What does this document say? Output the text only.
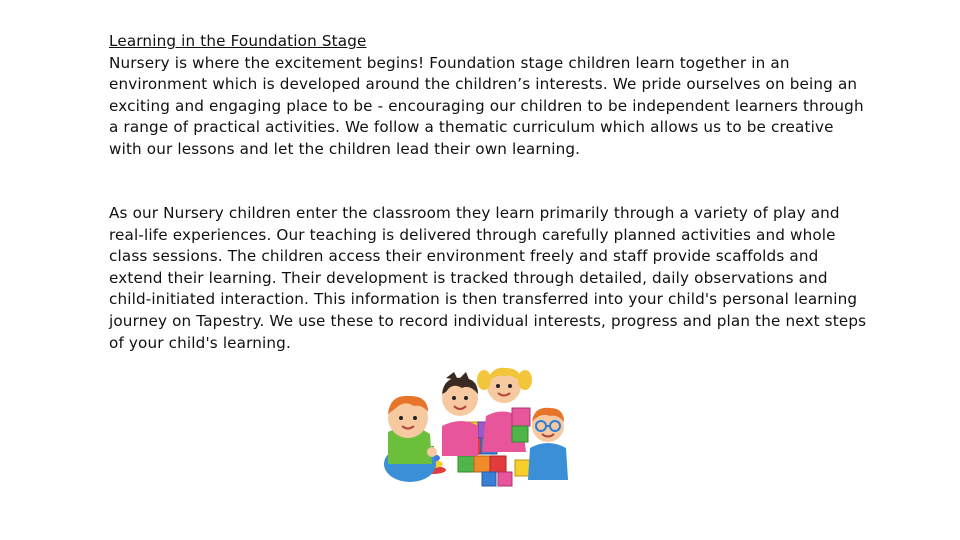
Learning in the Foundation Stage

Nursery is where the excitement begins! Foundation stage children learn together in an environment which is developed around the children’s interests. We pride ourselves on being an exciting and engaging place to be - encouraging our children to be independent learners through a range of practical activities. We follow a thematic curriculum which allows us to be creative with our lessons and let the children lead their own learning.

As our Nursery children enter the classroom they learn primarily through a variety of play and real-life experiences. Our teaching is delivered through carefully planned activities and whole class sessions. The children access their environment freely and staff provide scaffolds and extend their learning. Their development is tracked through detailed, daily observations and child-initiated interaction. This information is then transferred into your child's personal learning journey on Tapestry. We use these to record individual interests, progress and plan the next steps of your child's learning.
